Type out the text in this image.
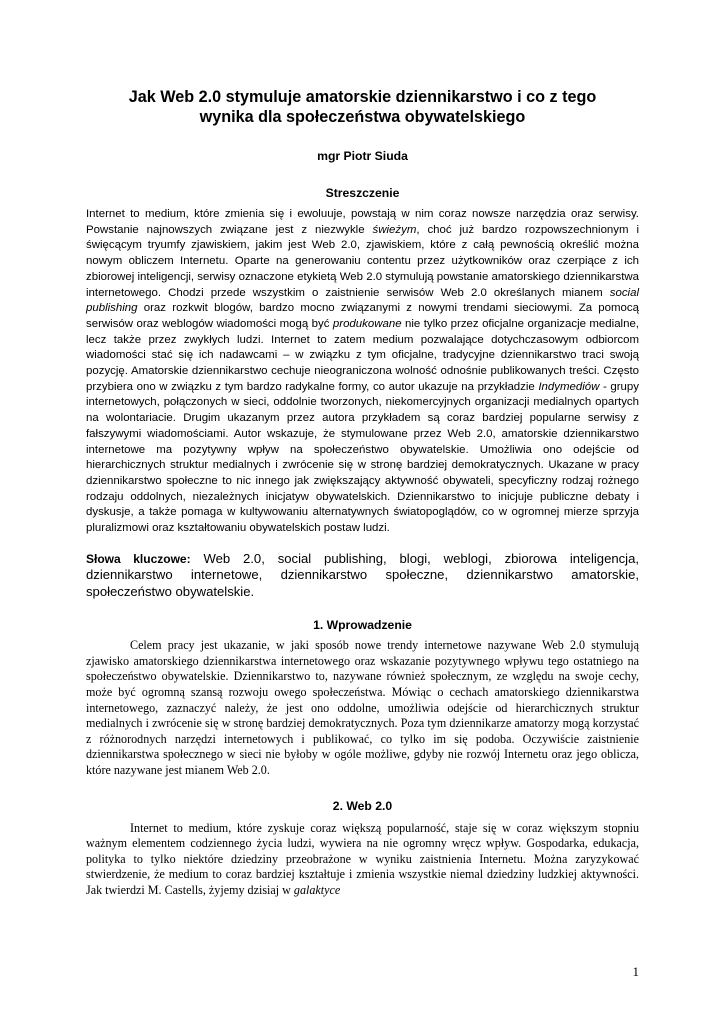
Jak Web 2.0 stymuluje amatorskie dziennikarstwo i co z tego
wynika dla społeczeństwa obywatelskiego

mgr Piotr Siuda

Streszczenie

Internet to medium, które zmienia się i ewoluuje, powstają w nim coraz nowsze narzędzia oraz serwisy. Powstanie najnowszych związane jest z niezwykle świeżym, choć już bardzo rozpowszechnionym i święcącym tryumfy zjawiskiem, jakim jest Web 2.0, zjawiskiem, które z całą pewnością określić można nowym obliczem Internetu. Oparte na generowaniu contentu przez użytkowników oraz czerpiące z ich zbiorowej inteligencji, serwisy oznaczone etykietą Web 2.0 stymulują powstanie amatorskiego dziennikarstwa internetowego. Chodzi przede wszystkim o zaistnienie serwisów Web 2.0 określanych mianem social publishing oraz rozkwit blogów, bardzo mocno związanymi z nowymi trendami sieciowymi. Za pomocą serwisów oraz weblogów wiadomości mogą być produkowane nie tylko przez oficjalne organizacje medialne, lecz także przez zwykłych ludzi. Internet to zatem medium pozwalające dotychczasowym odbiorcom wiadomości stać się ich nadawcami – w związku z tym oficjalne, tradycyjne dziennikarstwo traci swoją pozycję. Amatorskie dziennikarstwo cechuje nieograniczona wolność odnośnie publikowanych treści. Często przybiera ono w związku z tym bardzo radykalne formy, co autor ukazuje na przykładzie Indymediów - grupy internetowych, połączonych w sieci, oddolnie tworzonych, niekomercyjnych organizacji medialnych opartych na wolontariacie. Drugim ukazanym przez autora przykładem są coraz bardziej popularne serwisy z fałszywymi wiadomościami. Autor wskazuje, że stymulowane przez Web 2.0, amatorskie dziennikarstwo internetowe ma pozytywny wpływ na społeczeństwo obywatelskie. Umożliwia ono odejście od hierarchicznych struktur medialnych i zwrócenie się w stronę bardziej demokratycznych. Ukazane w pracy dziennikarstwo społeczne to nic innego jak zwiększający aktywność obywateli, specyficzny rodzaj rożnego rodzaju oddolnych, niezależnych inicjatyw obywatelskich. Dziennikarstwo to inicjuje publiczne debaty i dyskusje, a także pomaga w kultywowaniu alternatywnych światopoglądów, co w ogromnej mierze sprzyja pluralizmowi oraz kształtowaniu obywatelskich postaw ludzi.

Słowa kluczowe: Web 2.0, social publishing, blogi, weblogi, zbiorowa inteligencja, dziennikarstwo internetowe, dziennikarstwo społeczne, dziennikarstwo amatorskie, społeczeństwo obywatelskie.

1. Wprowadzenie

Celem pracy jest ukazanie, w jaki sposób nowe trendy internetowe nazywane Web 2.0 stymulują zjawisko amatorskiego dziennikarstwa internetowego oraz wskazanie pozytywnego wpływu tego ostatniego na społeczeństwo obywatelskie. Dziennikarstwo to, nazywane również społecznym, ze względu na swoje cechy, może być ogromną szansą rozwoju owego społeczeństwa. Mówiąc o cechach amatorskiego dziennikarstwa internetowego, zaznaczyć należy, że jest ono oddolne, umożliwia odejście od hierarchicznych struktur medialnych i zwrócenie się w stronę bardziej demokratycznych. Poza tym dziennikarze amatorzy mogą korzystać z różnorodnych narzędzi internetowych i publikować, co tylko im się podoba. Oczywiście zaistnienie dziennikarstwa społecznego w sieci nie byłoby w ogóle możliwe, gdyby nie rozwój Internetu oraz jego oblicza, które nazywane jest mianem Web 2.0.

2. Web 2.0

Internet to medium, które zyskuje coraz większą popularność, staje się w coraz większym stopniu ważnym elementem codziennego życia ludzi, wywiera na nie ogromny wręcz wpływ. Gospodarka, edukacja, polityka to tylko niektóre dziedziny przeobrażone w wyniku zaistnienia Internetu. Można zaryzykować stwierdzenie, że medium to coraz bardziej kształtuje i zmienia wszystkie niemal dziedziny ludzkiej aktywności. Jak twierdzi M. Castells, żyjemy dzisiaj w galaktyce

1
